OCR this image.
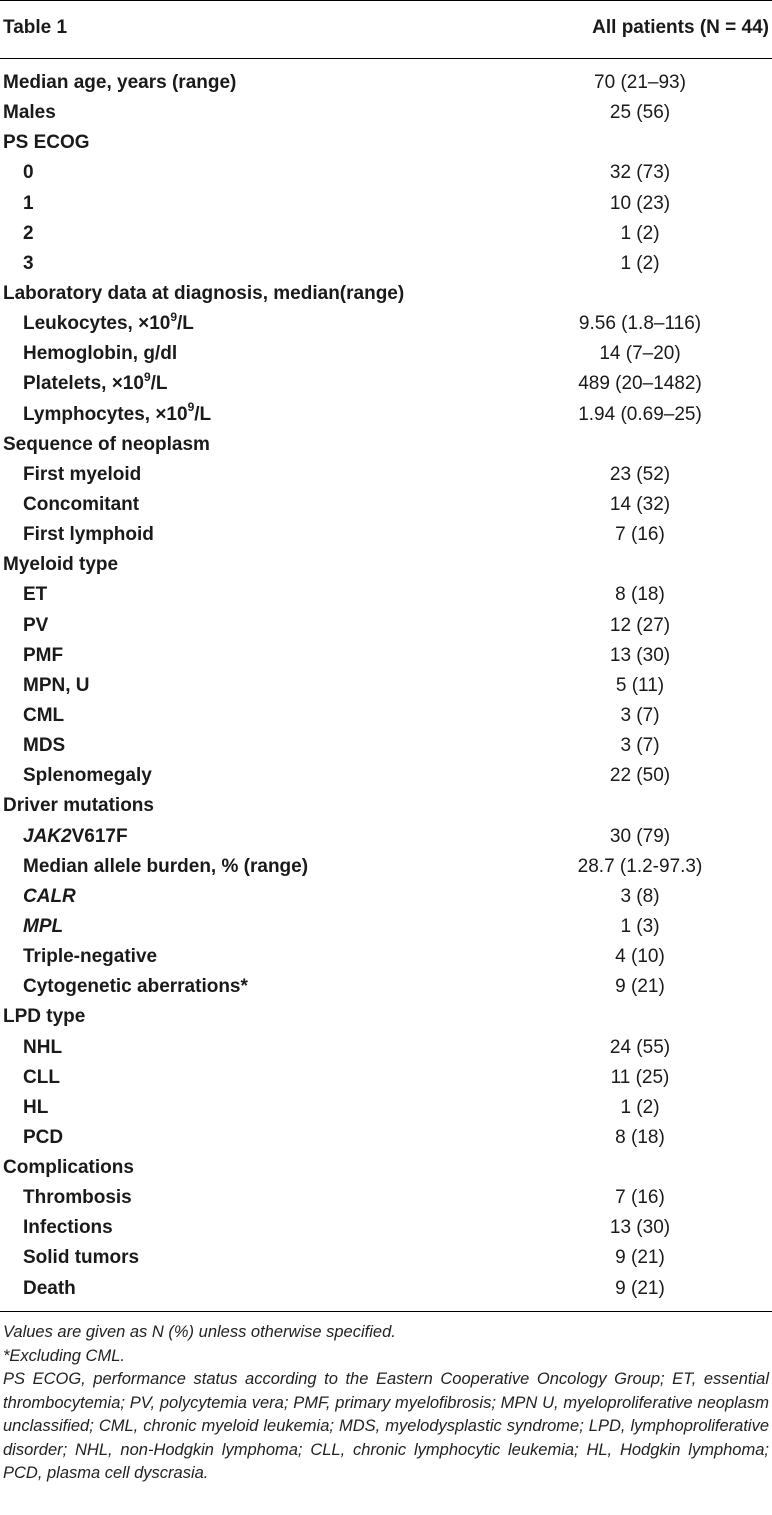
Table 1	All patients (N = 44)
Median age, years (range)	70 (21–93)
Males	25 (56)
PS ECOG
0	32 (73)
1	10 (23)
2	1 (2)
3	1 (2)
Laboratory data at diagnosis, median(range)
Leukocytes, $\times 10^9/L$	9.56 (1.8–116)
Hemoglobin, g/dl	14 (7–20)
Platelets, $\times 10^9/L$	489 (20–1482)
Lymphocytes, $\times 10^9/L$	1.94 (0.69–25)
Sequence of neoplasm
First myeloid	23 (52)
Concomitant	14 (32)
First lymphoid	7 (16)
Myeloid type
ET	8 (18)
PV	12 (27)
PMF	13 (30)
MPN, U	5 (11)
CML	3 (7)
MDS	3 (7)
Splenomegaly	22 (50)
Driver mutations
JAK2V617F	30 (79)
Median allele burden, % (range)	28.7 (1.2-97.3)
CALR	3 (8)
MPL	1 (3)
Triple-negative	4 (10)
Cytogenetic aberrations*	9 (21)
LPD type
NHL	24 (55)
CLL	11 (25)
HL	1 (2)
PCD	8 (18)
Complications
Thrombosis	7 (16)
Infections	13 (30)
Solid tumors	9 (21)
Death	9 (21)

Values are given as N (%) unless otherwise specified.

*Excluding CML.

PS ECOG, performance status according to the Eastern Cooperative Oncology Group; ET, essential thrombocytemia; PV, polycytemia vera; PMF, primary myelofibrosis; MPN U, myeloproliferative neoplasm unclassified; CML, chronic myeloid leukemia; MDS, myelodysplastic syndrome; LPD, lymphoproliferative disorder; NHL, non-Hodgkin lymphoma; CLL, chronic lymphocytic leukemia; HL, Hodgkin lymphoma; PCD, plasma cell dyscrasia.
